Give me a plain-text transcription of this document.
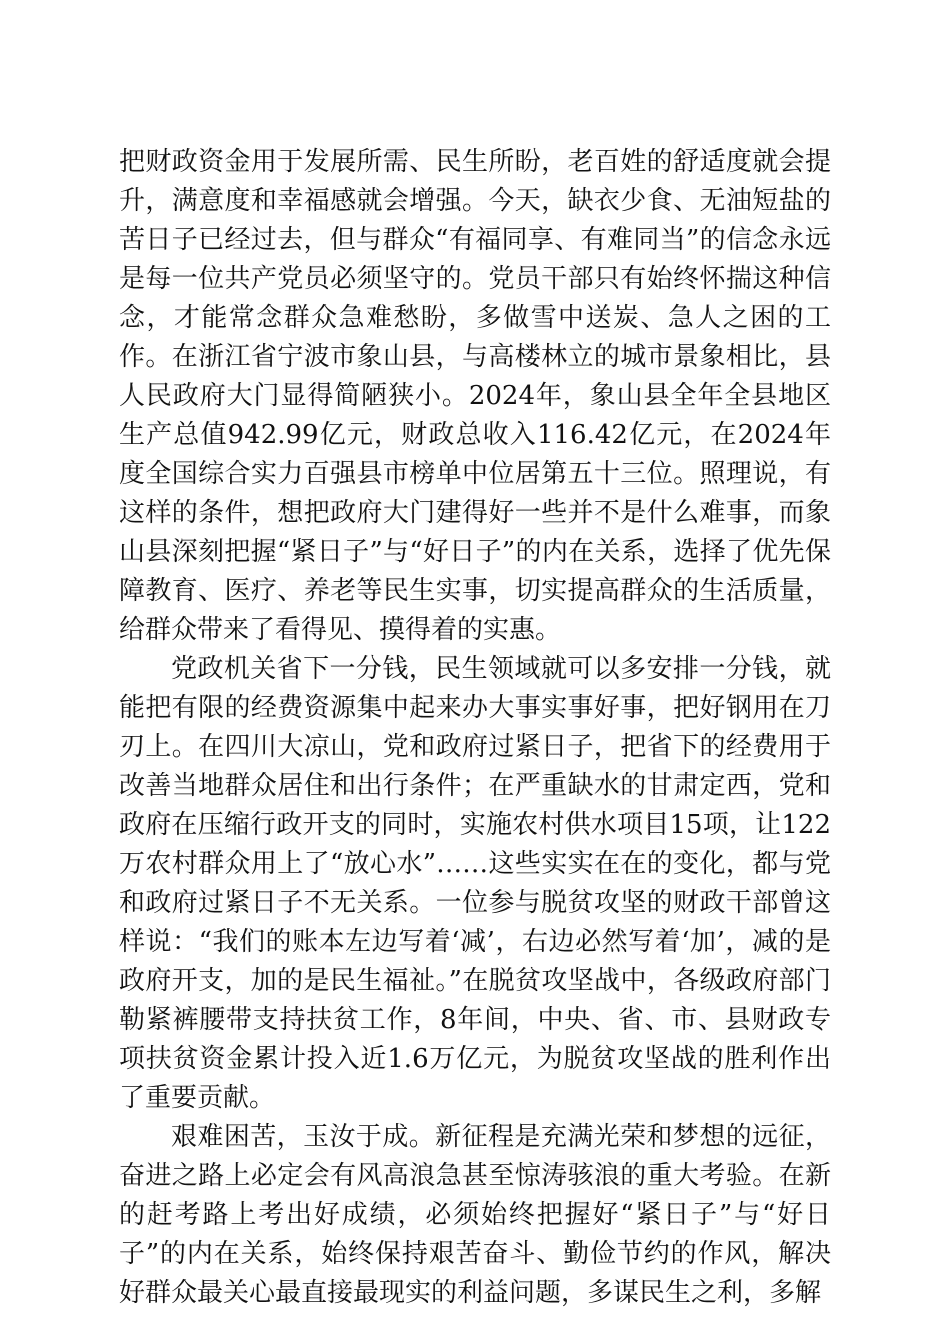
把财政资金用于发展所需、民生所盼，老百姓的舒适度就会提升，满意度和幸福感就会增强。今天，缺衣少食、无油短盐的苦日子已经过去，但与群众“有福同享、有难同当”的信念永远是每一位共产党员必须坚守的。党员干部只有始终怀揣这种信念，才能常念群众急难愁盼，多做雪中送炭、急人之困的工作。在浙江省宁波市象山县，与高楼林立的城市景象相比，县人民政府大门显得简陋狭小。2024年，象山县全年全县地区生产总值942.99亿元，财政总收入116.42亿元，在2024年度全国综合实力百强县市榜单中位居第五十三位。照理说，有这样的条件，想把政府大门建得好一些并不是什么难事，而象山县深刻把握“紧日子”与“好日子”的内在关系，选择了优先保障教育、医疗、养老等民生实事，切实提高群众的生活质量，给群众带来了看得见、摸得着的实惠。

党政机关省下一分钱，民生领域就可以多安排一分钱，就能把有限的经费资源集中起来办大事实事好事，把好钢用在刀刃上。在四川大凉山，党和政府过紧日子，把省下的经费用于改善当地群众居住和出行条件；在严重缺水的甘肃定西，党和政府在压缩行政开支的同时，实施农村供水项目15项，让122万农村群众用上了“放心水”……这些实实在在的变化，都与党和政府过紧日子不无关系。一位参与脱贫攻坚的财政干部曾这样说：“我们的账本左边写着‘减’，右边必然写着‘加’，减的是政府开支，加的是民生福祉。”在脱贫攻坚战中，各级政府部门勒紧裤腰带支持扶贫工作，8年间，中央、省、市、县财政专项扶贫资金累计投入近1.6万亿元，为脱贫攻坚战的胜利作出了重要贡献。

艰难困苦，玉汝于成。新征程是充满光荣和梦想的远征，奋进之路上必定会有风高浪急甚至惊涛骇浪的重大考验。在新的赶考路上考出好成绩，必须始终把握好“紧日子”与“好日子”的内在关系，始终保持艰苦奋斗、勤俭节约的作风，解决好群众最关心最直接最现实的利益问题，多谋民生之利，多解
